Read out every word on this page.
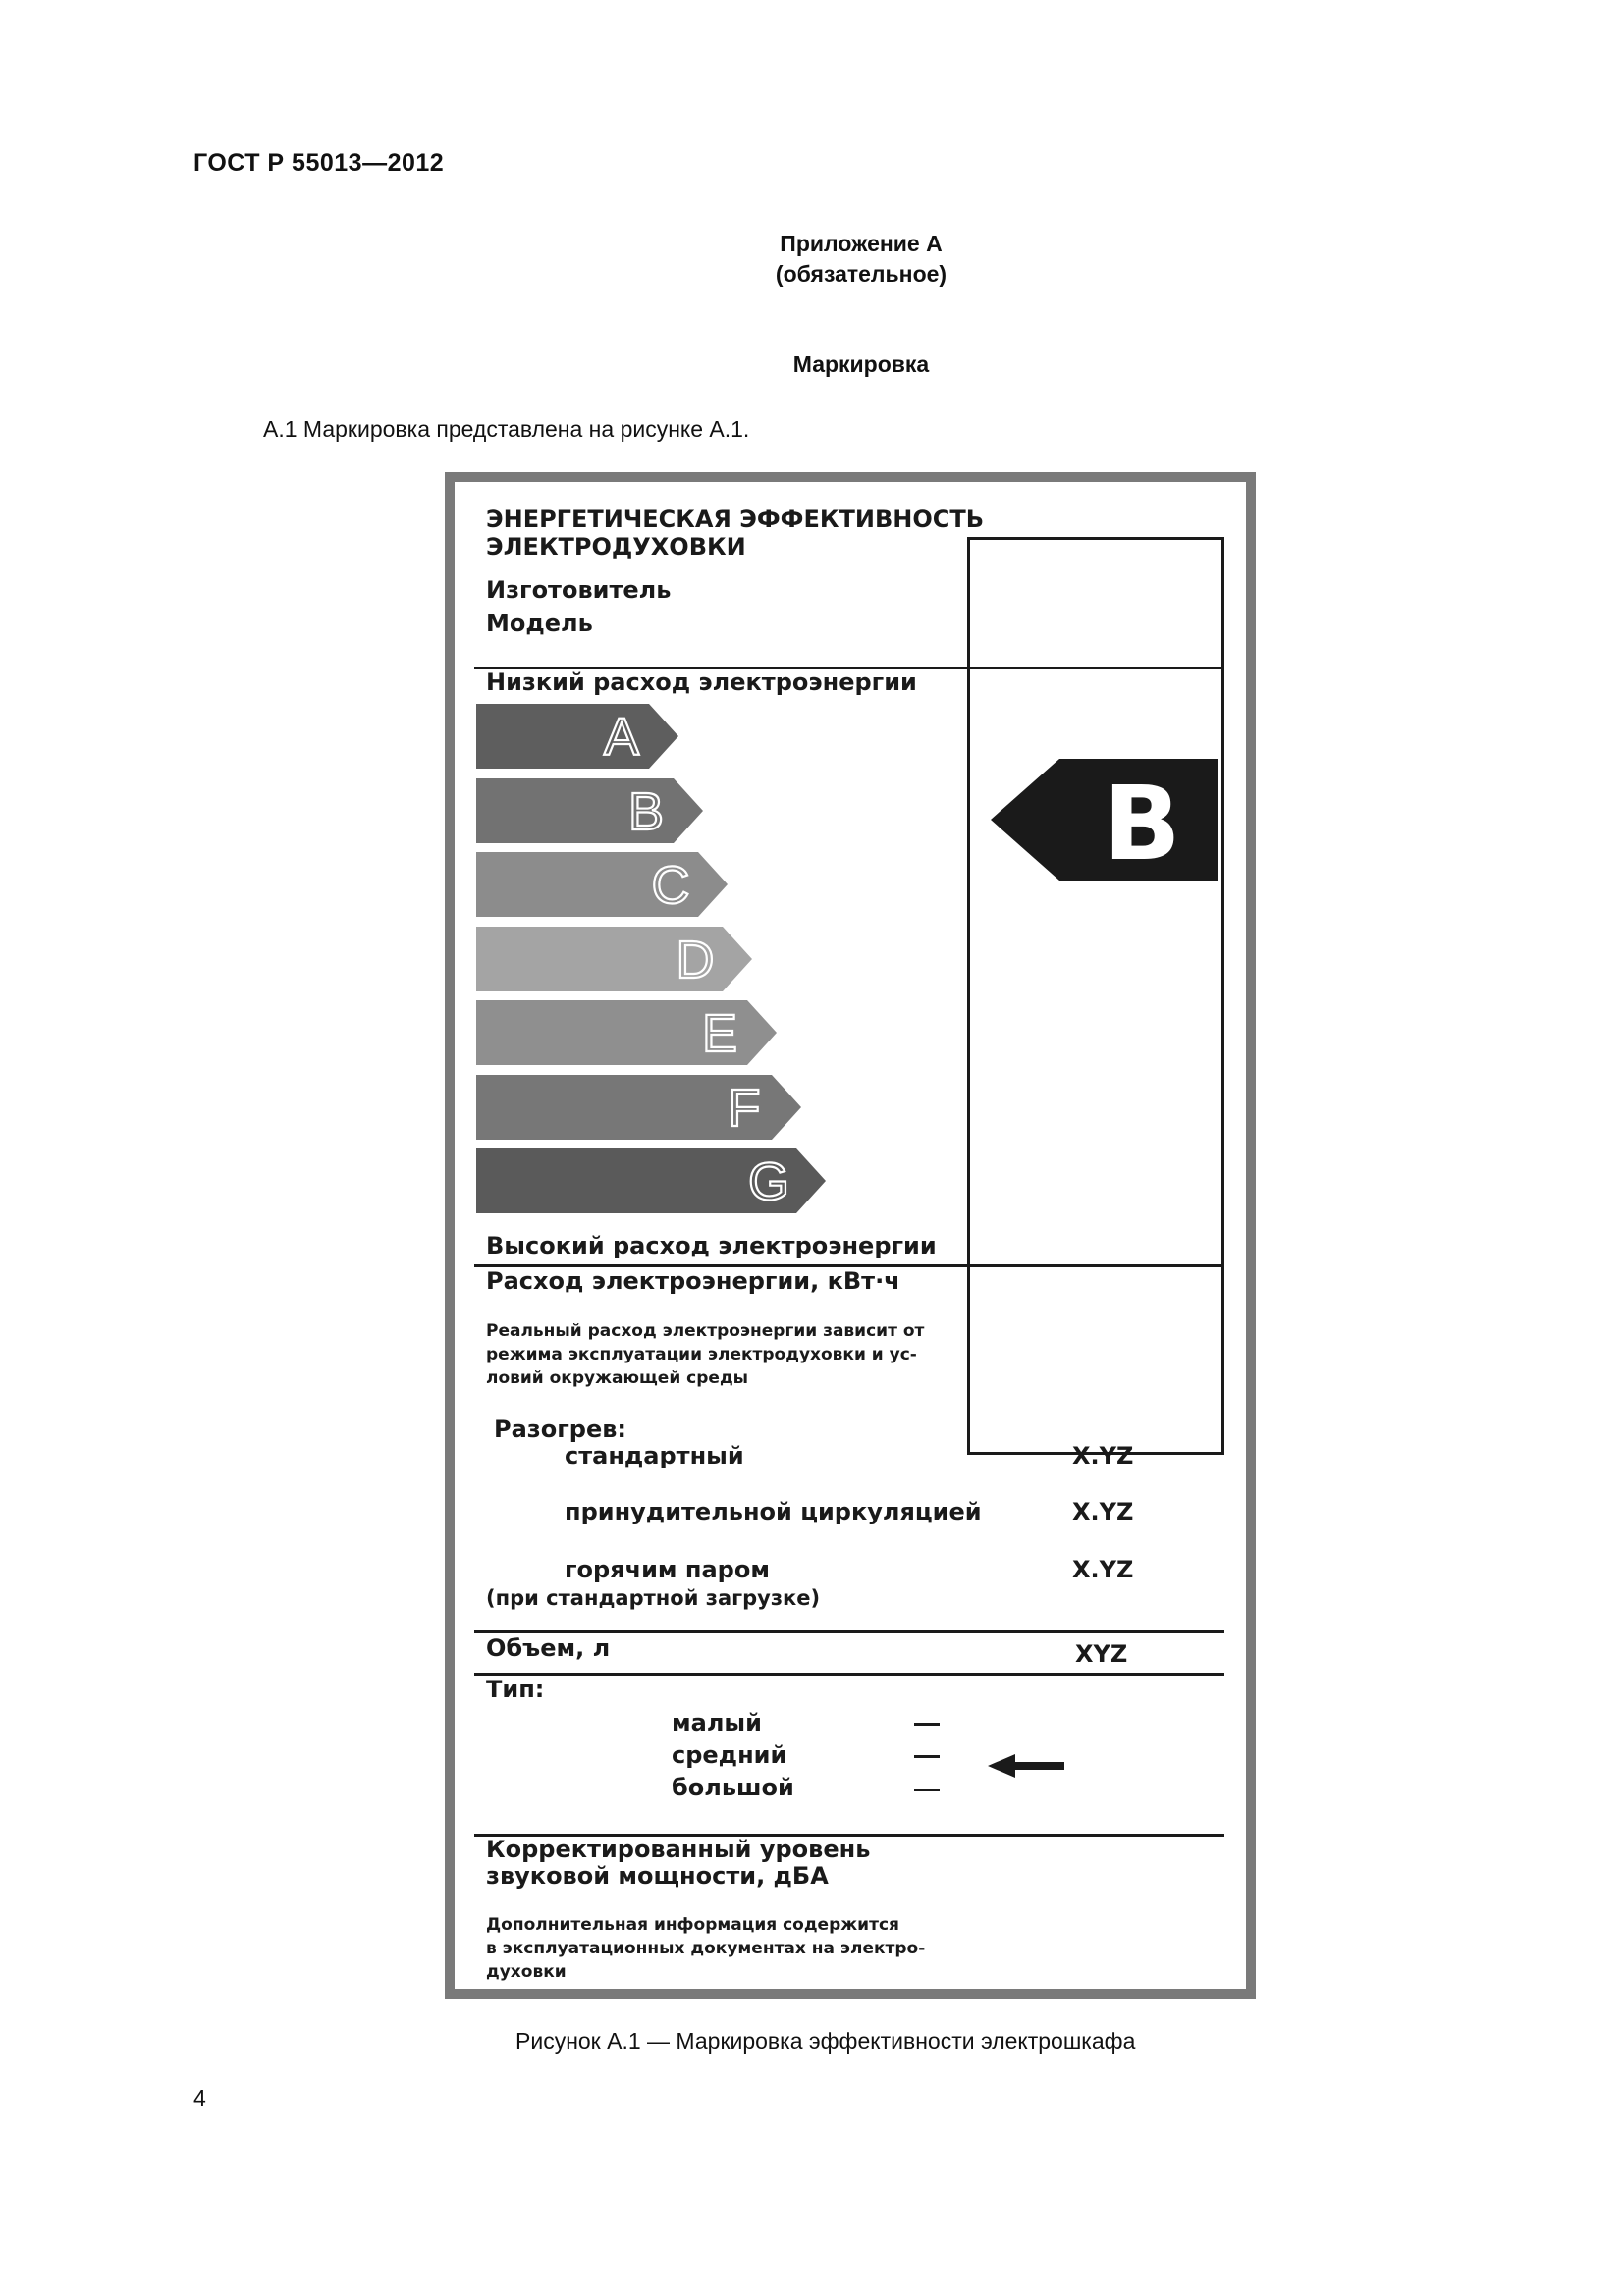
ГОСТ Р 55013—2012
Приложение А
(обязательное)
Маркировка
А.1 Маркировка представлена на рисунке А.1.
ЭНЕРГЕТИЧЕСКАЯ ЭФФЕКТИВНОСТЬ
ЭЛЕКТРОДУХОВКИ
Изготовитель
Модель
Низкий расход электроэнергии
A
B
C
D
E
F
G
Высокий расход электроэнергии
B
Расход электроэнергии, кВт·ч
Реальный расход электроэнергии зависит от
режима эксплуатации электродуховки и ус-
ловий окружающей среды
Разогрев:
стандартный	X.YZ
принудительной циркуляцией	X.YZ
горячим паром	X.YZ
(при стандартной загрузке)
Объем, л	XYZ
Тип:
малый
средний
большой
Корректированный уровень
звуковой мощности, дБА
Дополнительная информация содержится
в эксплуатационных документах на электро-
духовки
Рисунок А.1 — Маркировка эффективности электрошкафа
4
